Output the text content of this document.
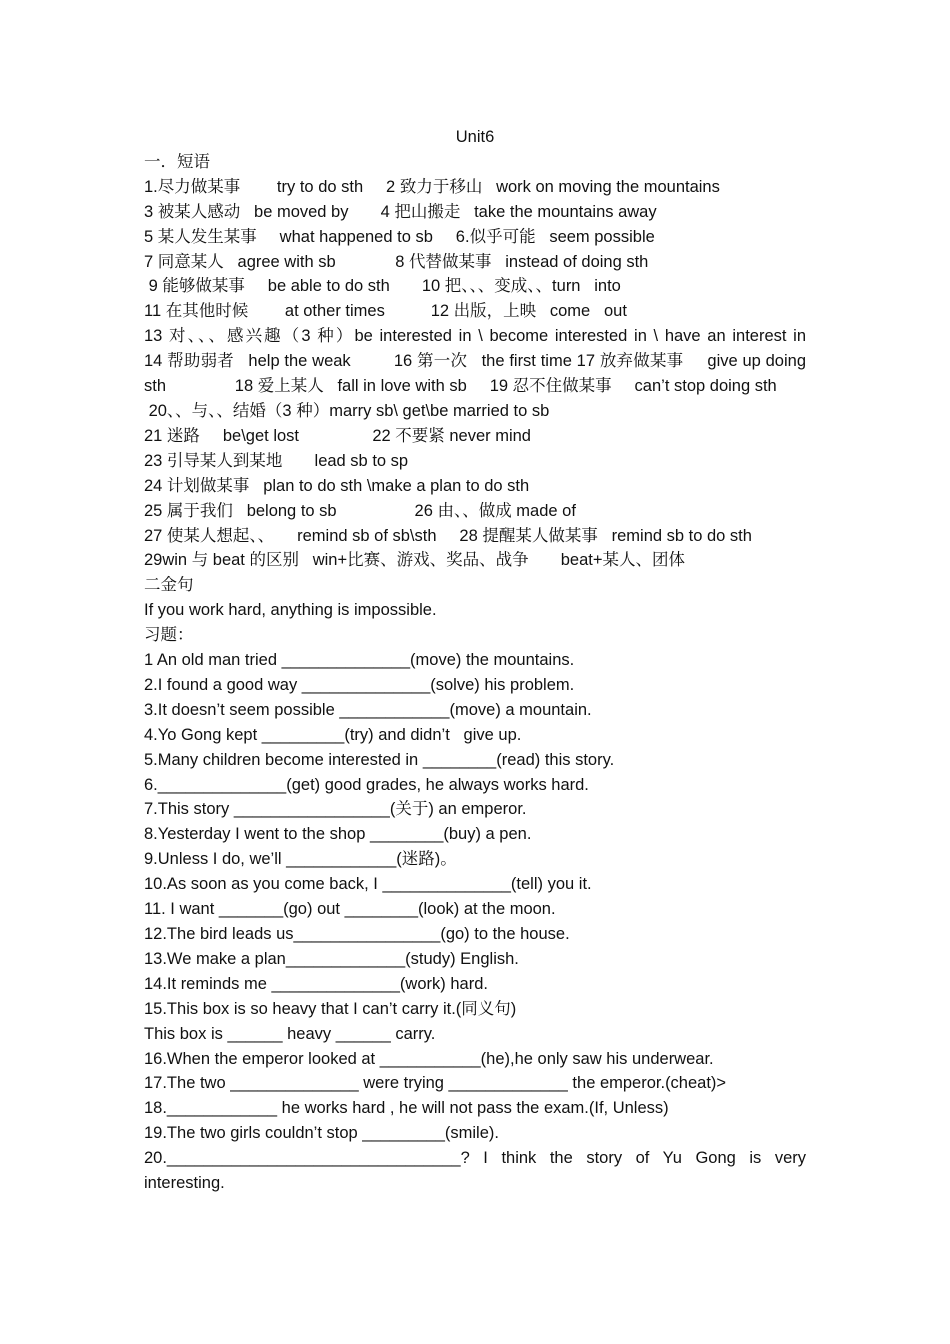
Unit6

一．短语

1.尽力做某事        try to do sth     2 致力于移山   work on moving the mountains

3 被某人感动   be moved by       4 把山搬走   take the mountains away

5 某人发生某事     what happened to sb     6.似乎可能   seem possible

7 同意某人   agree with sb             8 代替做某事   instead of doing sth

9 能够做某事     be able to do sth       10 把、、、变成、、turn   into

11 在其他时候        at other times          12 出版，上映   come   out

13 对、、、感兴趣（3 种）be interested in \ become interested in \ have an interest in                          14 帮助弱者   help the weak         16 第一次   the first time 17 放弃做某事     give up doing sth               18 爱上某人   fall in love with sb     19 忍不住做某事     can’t stop doing sth

20、、与、、结婚（3 种）marry sb\ get\be married to sb

21 迷路     be\get lost                22 不要紧 never mind

23 引导某人到某地       lead sb to sp

24 计划做某事   plan to do sth \make a plan to do sth

25 属于我们   belong to sb                 26 由、、做成 made of

27 使某人想起、、     remind sb of sb\sth     28 提醒某人做某事   remind sb to do sth

29win 与 beat 的区别   win+比赛、游戏、奖品、战争       beat+某人、团体

二金句

If you work hard, anything is impossible.

习题：

1 An old man tried ______________(move) the mountains.

2.I found a good way ______________(solve) his problem.

3.It doesn’t seem possible ____________(move) a mountain.

4.Yo Gong kept _________(try) and didn’t   give up.

5.Many children become interested in ________(read) this story.

6.______________(get) good grades, he always works hard.

7.This story _________________(关于) an emperor.

8.Yesterday I went to the shop ________(buy) a pen.

9.Unless I do, we’ll ____________(迷路)。

10.As soon as you come back, I ______________(tell) you it.

11. I want _______(go) out ________(look) at the moon.

12.The bird leads us________________(go) to the house.

13.We make a plan_____________(study) English.

14.It reminds me ______________(work) hard.

15.This box is so heavy that I can’t carry it.(同义句)

This box is ______ heavy ______ carry.

16.When the emperor looked at ___________(he),he only saw his underwear.

17.The two ______________ were trying _____________ the emperor.(cheat)>

18.____________ he works hard , he will not pass the exam.(If, Unless)

19.The two girls couldn’t stop _________(smile).

20.________________________________?  I  think  the  story  of  Yu  Gong  is  very interesting.
